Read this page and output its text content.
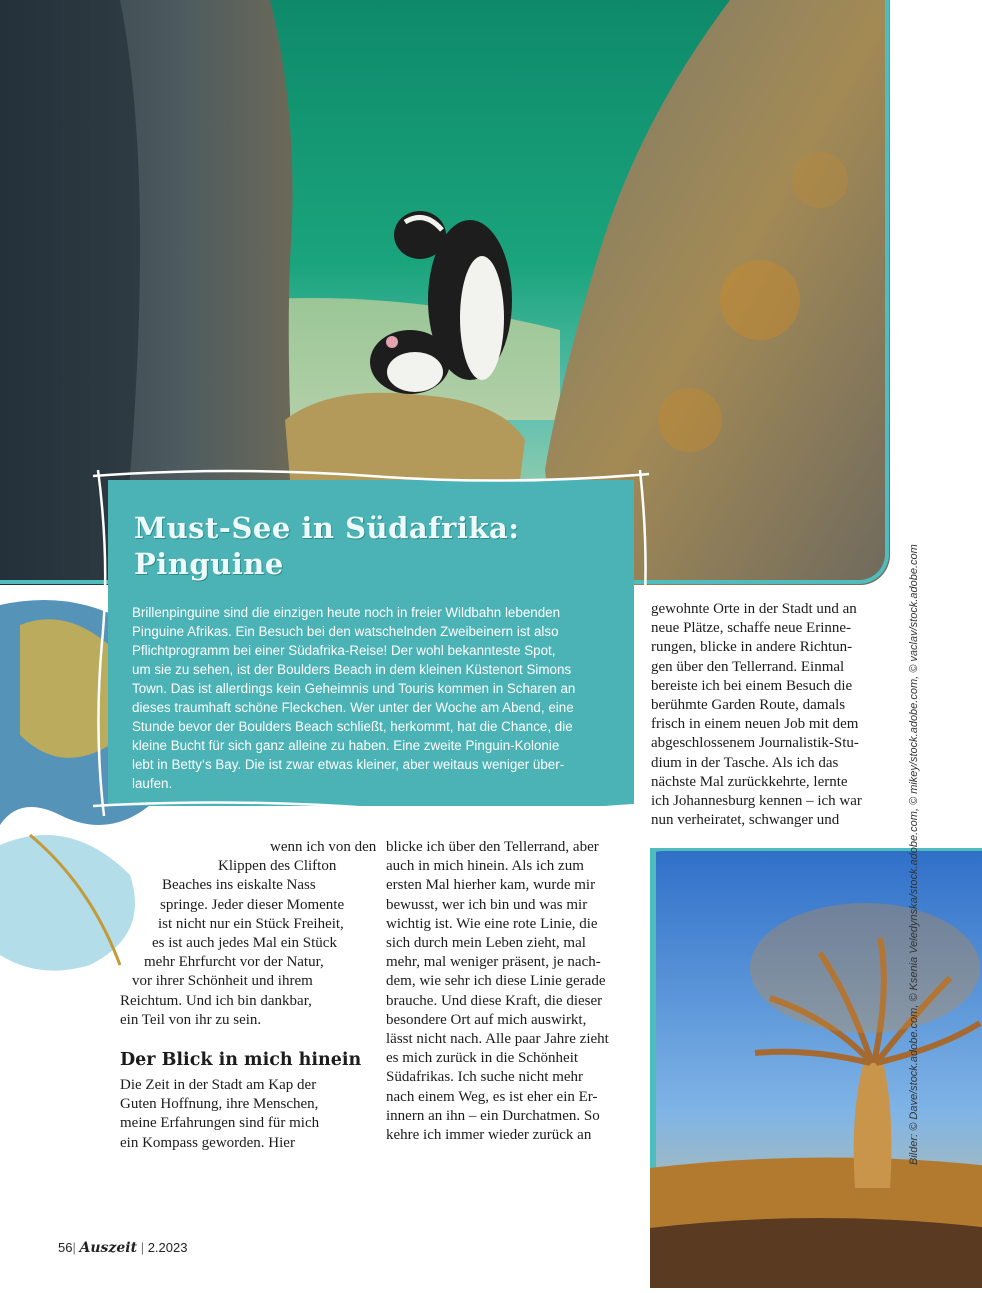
Must-See in Südafrika:
Pinguine

Brillenpinguine sind die einzigen heute noch in freier Wildbahn lebenden
Pinguine Afrikas. Ein Besuch bei den watschelnden Zweibeinern ist also
Pflichtprogramm bei einer Südafrika-Reise! Der wohl bekannteste Spot,
um sie zu sehen, ist der Boulders Beach in dem kleinen Küstenort Simons
Town. Das ist allerdings kein Geheimnis und Touris kommen in Scharen an
dieses traumhaft schöne Fleckchen. Wer unter der Woche am Abend, eine
Stunde bevor der Boulders Beach schließt, herkommt, hat die Chance, die
kleine Bucht für sich ganz alleine zu haben. Eine zweite Pinguin-Kolonie
lebt in Betty‘s Bay. Die ist zwar etwas kleiner, aber weitaus weniger über-
laufen.

wenn ich von den
Klippen des Clifton
Beaches ins eiskalte Nass
springe. Jeder dieser Momente
ist nicht nur ein Stück Freiheit,
es ist auch jedes Mal ein Stück
mehr Ehrfurcht vor der Natur,
vor ihrer Schönheit und ihrem
Reichtum. Und ich bin dankbar,
ein Teil von ihr zu sein.
Der Blick in mich hinein
Die Zeit in der Stadt am Kap der
Guten Hoffnung, ihre Menschen,
meine Erfahrungen sind für mich
ein Kompass geworden. Hier
blicke ich über den Tellerrand, aber
auch in mich hinein. Als ich zum
ersten Mal hierher kam, wurde mir
bewusst, wer ich bin und was mir
wichtig ist. Wie eine rote Linie, die
sich durch mein Leben zieht, mal
mehr, mal weniger präsent, je nach-
dem, wie sehr ich diese Linie gerade
brauche. Und diese Kraft, die dieser
besondere Ort auf mich auswirkt,
lässt nicht nach. Alle paar Jahre zieht
es mich zurück in die Schönheit
Südafrikas. Ich suche nicht mehr
nach einem Weg, es ist eher ein Er-
innern an ihn – ein Durchatmen. So
kehre ich immer wieder zurück an
gewohnte Orte in der Stadt und an
neue Plätze, schaffe neue Erinne-
rungen, blicke in andere Richtun-
gen über den Tellerrand. Einmal
bereiste ich bei einem Besuch die
berühmte Garden Route, damals
frisch in einem neuen Job mit dem
abgeschlossenem Journalistik-Stu-
dium in der Tasche. Als ich das
nächste Mal zurückkehrte, lernte
ich Johannesburg kennen – ich war
nun verheiratet, schwanger und	Bilder: © Dave/stock.adobe.com, © Ksenia Veledynska/stock.adobe.com, © mikey/stock.adobe.com, © vaclav/stock.adobe.com
56| Auszeit | 2.2023
